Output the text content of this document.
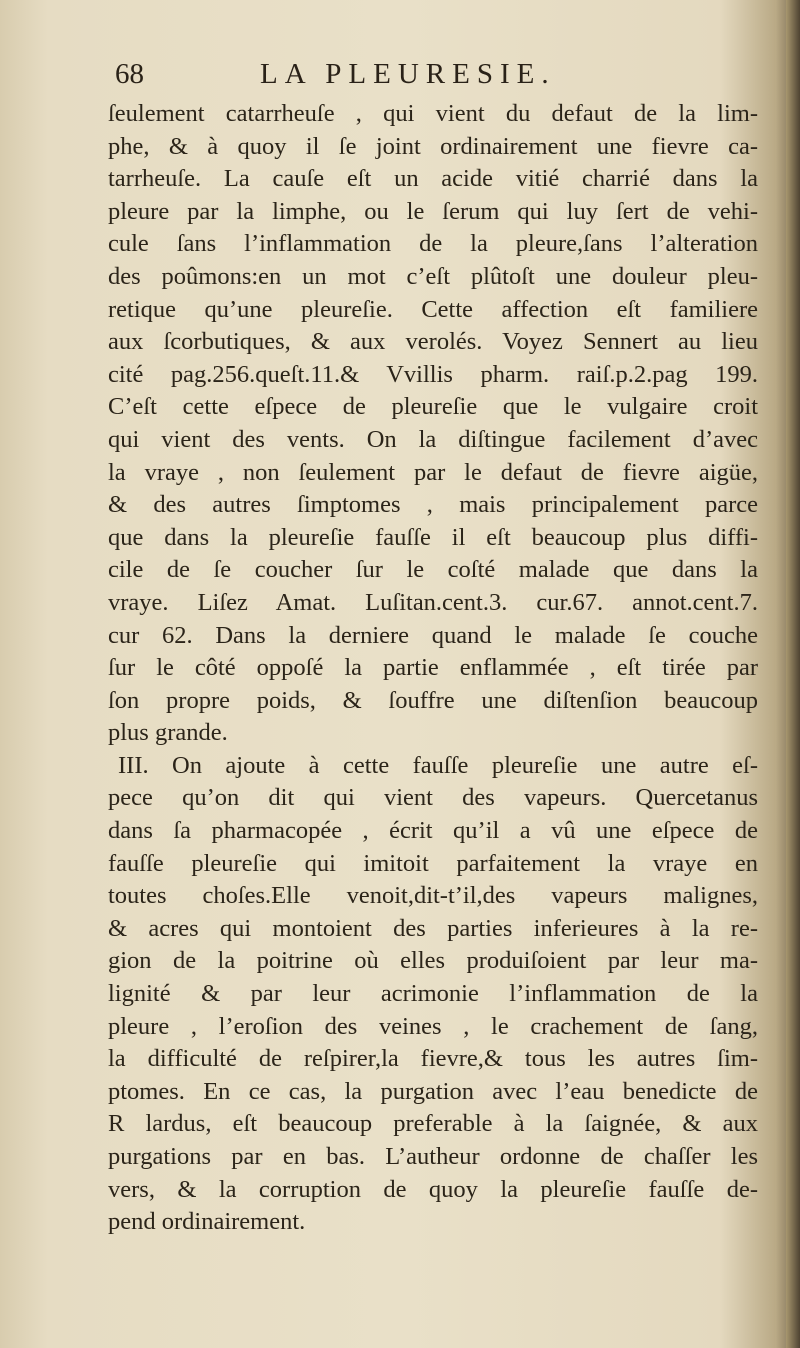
68	LA PLEURESIE.
ſeulement catarrheuſe , qui vient du defaut de la lim-
phe, & à quoy il ſe joint ordinairement une fievre ca-
tarrheuſe. La cauſe eſt un acide vitié charrié dans la
pleure par la limphe, ou le ſerum qui luy ſert de vehi-
cule ſans l’inflammation de la pleure,ſans l’alteration
des poûmons:en un mot c’eſt plûtoſt une douleur pleu-
retique qu’une pleureſie. Cette affection eſt familiere
aux ſcorbutiques, & aux verolés. Voyez Sennert au lieu
cité pag.256.queſt.11.& Vvillis pharm. raiſ.p.2.pag 199.
C’eſt cette eſpece de pleureſie que le vulgaire croit
qui vient des vents. On la diſtingue facilement d’avec
la vraye , non ſeulement par le defaut de fievre aigüe,
& des autres ſimptomes , mais principalement parce
que dans la pleureſie fauſſe il eſt beaucoup plus diffi-
cile de ſe coucher ſur le coſté malade que dans la
vraye. Liſez Amat. Luſitan.cent.3. cur.67. annot.cent.7.
cur 62. Dans la derniere quand le malade ſe couche
ſur le côté oppoſé la partie enflammée , eſt tirée par
ſon propre poids, & ſouffre une diſtenſion beaucoup
plus grande.
III. On ajoute à cette fauſſe pleureſie une autre eſ-
pece qu’on dit qui vient des vapeurs. Quercetanus
dans ſa pharmacopée , écrit qu’il a vû une eſpece de
fauſſe pleureſie qui imitoit parfaitement la vraye en
toutes choſes.Elle venoit,dit-t’il,des vapeurs malignes,
& acres qui montoient des parties inferieures à la re-
gion de la poitrine où elles produiſoient par leur ma-
lignité & par leur acrimonie l’inflammation de la
pleure , l’eroſion des veines , le crachement de ſang,
la difficulté de reſpirer,la fievre,& tous les autres ſim-
ptomes. En ce cas, la purgation avec l’eau benedicte de
R lardus, eſt beaucoup preferable à la ſaignée, & aux
purgations par en bas. L’autheur ordonne de chaſſer les
vers, & la corruption de quoy la pleureſie fauſſe de-
pend ordinairement.
